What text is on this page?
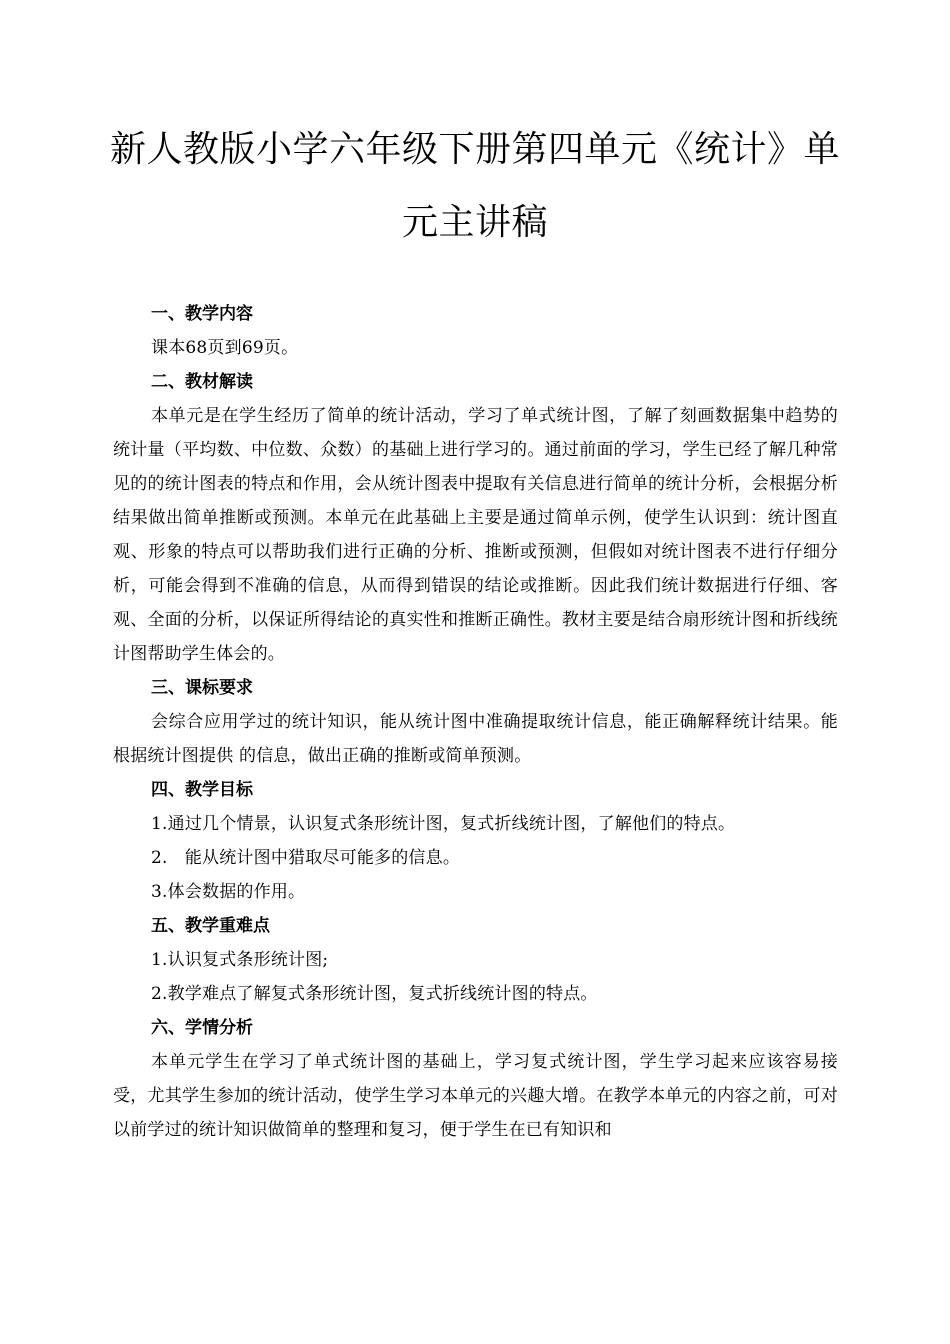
新人教版小学六年级下册第四单元《统计》单
元主讲稿

一、教学内容

课本68页到69页。

二、教材解读

本单元是在学生经历了简单的统计活动，学习了单式统计图，了解了刻画数据集中趋势的统计量（平均数、中位数、众数）的基础上进行学习的。通过前面的学习，学生已经了解几种常见的的统计图表的特点和作用，会从统计图表中提取有关信息进行简单的统计分析，会根据分析结果做出简单推断或预测。本单元在此基础上主要是通过简单示例，使学生认识到：统计图直观、形象的特点可以帮助我们进行正确的分析、推断或预测，但假如对统计图表不进行仔细分析，可能会得到不准确的信息，从而得到错误的结论或推断。因此我们统计数据进行仔细、客观、全面的分析，以保证所得结论的真实性和推断正确性。教材主要是结合扇形统计图和折线统计图帮助学生体会的。

三、课标要求

会综合应用学过的统计知识，能从统计图中准确提取统计信息，能正确解释统计结果。能根据统计图提供 的信息，做出正确的推断或简单预测。

四、教学目标

1.通过几个情景，认识复式条形统计图，复式折线统计图，了解他们的特点。

2.　能从统计图中猎取尽可能多的信息。

3.体会数据的作用。

五、教学重难点

1.认识复式条形统计图;

2.教学难点了解复式条形统计图，复式折线统计图的特点。

六、学情分析

本单元学生在学习了单式统计图的基础上，学习复式统计图，学生学习起来应该容易接受，尤其学生参加的统计活动，使学生学习本单元的兴趣大增。在教学本单元的内容之前，可对以前学过的统计知识做简单的整理和复习，便于学生在已有知识和
